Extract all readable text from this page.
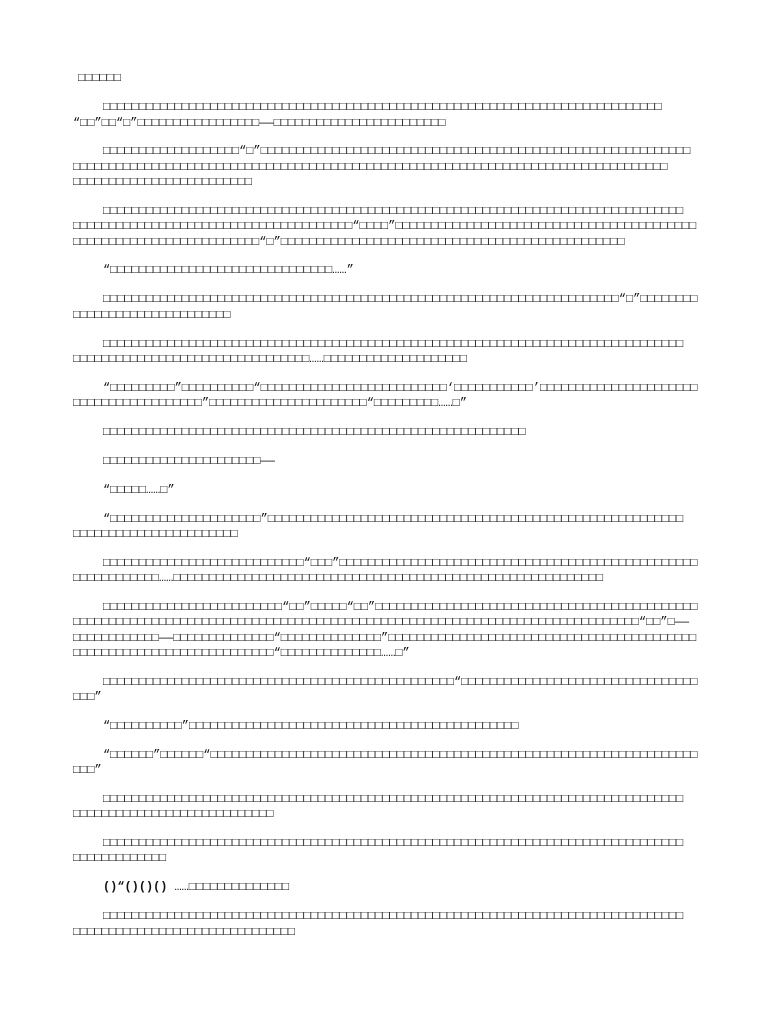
□□□□□□
□□□□□□□□□□□□□□□□□□□□□□□□□□□□□□□□□□□□□□□□□□□□□□□□□□□□□□□□□□□□□□□□□□□□□□□□□□□□□□
“□□”□□“□”□□□□□□□□□□□□□□□□□——□□□□□□□□□□□□□□□□□□□□□□□□
□□□□□□□□□□□□□□□□□□□“□”□□□□□□□□□□□□□□□□□□□□□□□□□□□□□□□□□□□□□□□□□□□□□□□□□□□□□□□□□□□□
□□□□□□□□□□□□□□□□□□□□□□□□□□□□□□□□□□□□□□□□□□□□□□□□□□□□□□□□□□□□□□□□□□□□□□□□□□□□□□□□□□□
□□□□□□□□□□□□□□□□□□□□□□□□□
□□□□□□□□□□□□□□□□□□□□□□□□□□□□□□□□□□□□□□□□□□□□□□□□□□□□□□□□□□□□□□□□□□□□□□□□□□□□□□□□□
□□□□□□□□□□□□□□□□□□□□□□□□□□□□□□□□□□□□□□□“□□□□”□□□□□□□□□□□□□□□□□□□□□□□□□□□□□□□□□□□□□□□□□□
□□□□□□□□□□□□□□□□□□□□□□□□□□“□”□□□□□□□□□□□□□□□□□□□□□□□□□□□□□□□□□□□□□□□□□□□□□□□□
“□□□□□□□□□□□□□□□□□□□□□□□□□□□□□□□……”
□□□□□□□□□□□□□□□□□□□□□□□□□□□□□□□□□□□□□□□□□□□□□□□□□□□□□□□□□□□□□□□□□□□□□□□□“□”□□□□□□□□
□□□□□□□□□□□□□□□□□□□□□□
□□□□□□□□□□□□□□□□□□□□□□□□□□□□□□□□□□□□□□□□□□□□□□□□□□□□□□□□□□□□□□□□□□□□□□□□□□□□□□□□□
□□□□□□□□□□□□□□□□□□□□□□□□□□□□□□□□□……□□□□□□□□□□□□□□□□□□□□
“□□□□□□□□□”□□□□□□□□□□“□□□□□□□□□□□□□□□□□□□□□□□□□□‘□□□□□□□□□□□’□□□□□□□□□□□□□□□□□□□□□□
□□□□□□□□□□□□□□□□□□”□□□□□□□□□□□□□□□□□□□□□□“□□□□□□□□□……□”
□□□□□□□□□□□□□□□□□□□□□□□□□□□□□□□□□□□□□□□□□□□□□□□□□□□□□□□□□□□
□□□□□□□□□□□□□□□□□□□□□□——
“□□□□□……□”
“□□□□□□□□□□□□□□□□□□□□□”□□□□□□□□□□□□□□□□□□□□□□□□□□□□□□□□□□□□□□□□□□□□□□□□□□□□□□□□□□
□□□□□□□□□□□□□□□□□□□□□□□
□□□□□□□□□□□□□□□□□□□□□□□□□□□□“□□□”□□□□□□□□□□□□□□□□□□□□□□□□□□□□□□□□□□□□□□□□□□□□□□□□□□
□□□□□□□□□□□□……□□□□□□□□□□□□□□□□□□□□□□□□□□□□□□□□□□□□□□□□□□□□□□□□□□□□□□□□□□□□
□□□□□□□□□□□□□□□□□□□□□□□□□“□□”□□□□□“□□”□□□□□□□□□□□□□□□□□□□□□□□□□□□□□□□□□□□□□□□□□□□□□
□□□□□□□□□□□□□□□□□□□□□□□□□□□□□□□□□□□□□□□□□□□□□□□□□□□□□□□□□□□□□□□□□□□□□□□□□□□□□□□“□□”□——
□□□□□□□□□□□□——□□□□□□□□□□□□□□“□□□□□□□□□□□□□□”□□□□□□□□□□□□□□□□□□□□□□□□□□□□□□□□□□□□□□□□□□□
□□□□□□□□□□□□□□□□□□□□□□□□□□□□“□□□□□□□□□□□□□□……□”
□□□□□□□□□□□□□□□□□□□□□□□□□□□□□□□□□□□□□□□□□□□□□□□□□“□□□□□□□□□□□□□□□□□□□□□□□□□□□□□□□□□
□□□”
“□□□□□□□□□□”□□□□□□□□□□□□□□□□□□□□□□□□□□□□□□□□□□□□□□□□□□□□□□
“□□□□□□”□□□□□□“□□□□□□□□□□□□□□□□□□□□□□□□□□□□□□□□□□□□□□□□□□□□□□□□□□□□□□□□□□□□□□□□□□□□
□□□”
□□□□□□□□□□□□□□□□□□□□□□□□□□□□□□□□□□□□□□□□□□□□□□□□□□□□□□□□□□□□□□□□□□□□□□□□□□□□□□□□□
□□□□□□□□□□□□□□□□□□□□□□□□□□□□
□□□□□□□□□□□□□□□□□□□□□□□□□□□□□□□□□□□□□□□□□□□□□□□□□□□□□□□□□□□□□□□□□□□□□□□□□□□□□□□□□
□□□□□□□□□□□□□
()“()()() ……□□□□□□□□□□□□□□
□□□□□□□□□□□□□□□□□□□□□□□□□□□□□□□□□□□□□□□□□□□□□□□□□□□□□□□□□□□□□□□□□□□□□□□□□□□□□□□□□
□□□□□□□□□□□□□□□□□□□□□□□□□□□□□□□
